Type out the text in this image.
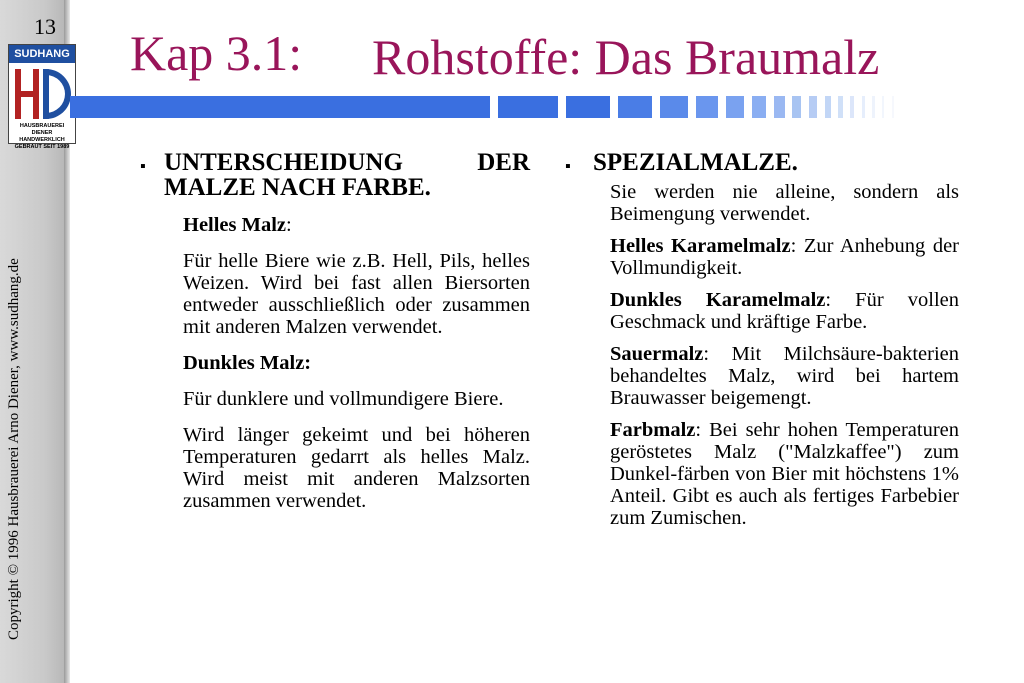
13
SUDHANG
HAUSBRAUEREI DIENER
HANDWERKLICH GEBRAUT SEIT 1989
Copyright © 1996 Hausbrauerei Arno Diener, www.sudhang.de
Kap 3.1: Rohstoffe: Das Braumalz
▪ UNTERSCHEIDUNG DER MALZE NACH FARBE.
Helles Malz:
Für helle Biere wie z.B. Hell, Pils, helles Weizen. Wird bei fast allen Biersorten entweder ausschließlich oder zusammen mit anderen Malzen verwendet.
Dunkles Malz:
Für dunklere und vollmundigere Biere.
Wird länger gekeimt und bei höheren Temperaturen gedarrt als helles Malz. Wird meist mit anderen Malzsorten zusammen verwendet.
▪ SPEZIALMALZE.
Sie werden nie alleine, sondern als Beimengung verwendet.
Helles Karamelmalz: Zur Anhebung der Vollmundigkeit.
Dunkles Karamelmalz: Für vollen Geschmack und kräftige Farbe.
Sauermalz: Mit Milchsäure-bakterien behandeltes Malz, wird bei hartem Brauwasser beigemengt.
Farbmalz: Bei sehr hohen Temperaturen geröstetes Malz ("Malzkaffee") zum Dunkel-färben von Bier mit höchstens 1% Anteil. Gibt es auch als fertiges Farbebier zum Zumischen.
